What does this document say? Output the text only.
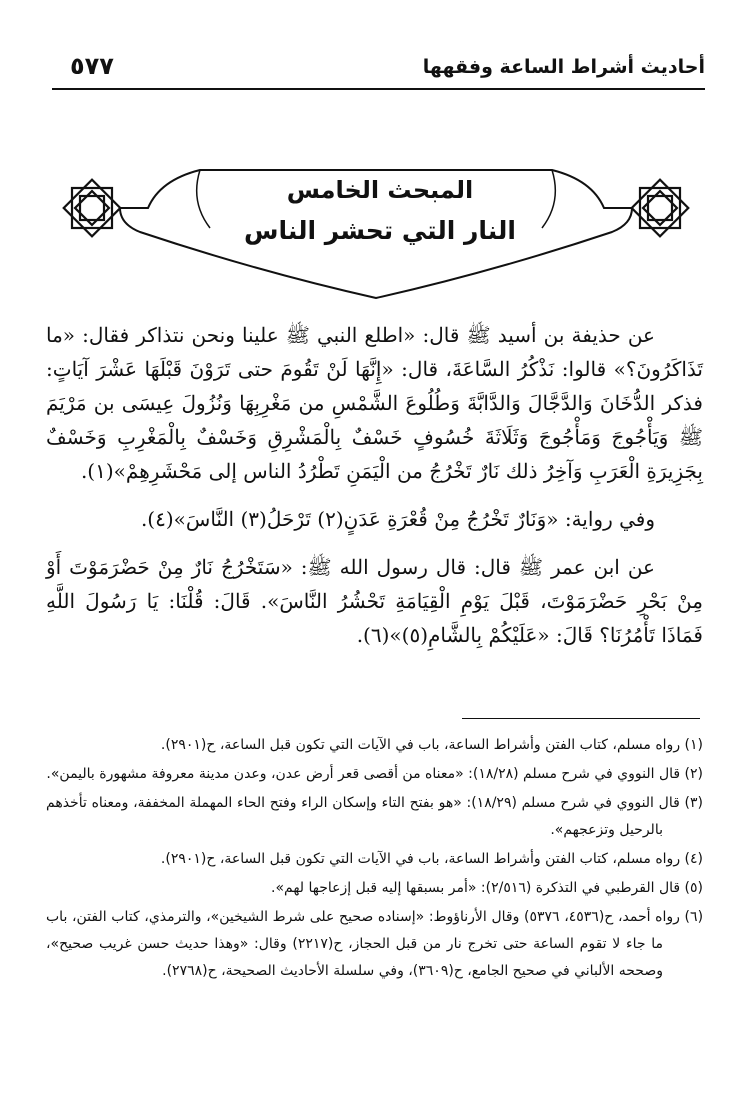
أحاديث أشراط الساعة وفقهها
٥٧٧
المبحث الخامس
النار التي تحشر الناس

عن حذيفة بن أسيد ﷺ قال: «اطلع النبي ﷺ علينا ونحن نتذاكر فقال: «ما تَذَاكَرُونَ؟» قالوا: نَذْكُرُ السَّاعَةَ، قال: «إِنَّهَا لَنْ تَقُومَ حتى تَرَوْنَ قَبْلَهَا عَشْرَ آيَاتٍ: فذكر الدُّخَانَ وَالدَّجَّالَ وَالدَّابَّةَ وَطُلُوعَ الشَّمْسِ من مَغْرِبِهَا وَنُزُولَ عِيسَى بن مَرْيَمَ ﷺ وَيَأْجُوجَ وَمَأْجُوجَ وَثَلَاثَةَ خُسُوفٍ خَسْفٌ بِالْمَشْرِقِ وَخَسْفٌ بِالْمَغْرِبِ وَخَسْفٌ بِجَزِيرَةِ الْعَرَبِ وَآخِرُ ذلك نَارٌ تَخْرُجُ من الْيَمَنِ تَطْرُدُ الناس إلى مَحْشَرِهِمْ»(١).

وفي رواية: «وَنَارٌ تَخْرُجُ مِنْ قُعْرَةِ عَدَنٍ(٢) تَرْحَلُ(٣) النَّاسَ»(٤).

عن ابن عمر ﷺ قال: قال رسول الله ﷺ: «سَتَخْرُجُ نَارٌ مِنْ حَضْرَمَوْتَ أَوْ مِنْ بَحْرِ حَضْرَمَوْتَ، قَبْلَ يَوْمِ الْقِيَامَةِ تَحْشُرُ النَّاسَ». قَالَ: قُلْنَا: يَا رَسُولَ اللَّهِ فَمَاذَا تَأْمُرُنَا؟ قَالَ: «عَلَيْكُمْ بِالشَّامِ(٥)»(٦).

(١) رواه مسلم، كتاب الفتن وأشراط الساعة، باب في الآيات التي تكون قبل الساعة، ح(٢٩٠١).
(٢) قال النووي في شرح مسلم (١٨/٢٨): «معناه من أقصى قعر أرض عدن، وعدن مدينة معروفة مشهورة باليمن».
(٣) قال النووي في شرح مسلم (١٨/٢٩): «هو بفتح التاء وإسكان الراء وفتح الحاء المهملة المخففة، ومعناه تأخذهم بالرحيل وتزعجهم».
(٤) رواه مسلم، كتاب الفتن وأشراط الساعة، باب في الآيات التي تكون قبل الساعة، ح(٢٩٠١).
(٥) قال القرطبي في التذكرة (٢/٥١٦): «أمر بسبقها إليه قبل إزعاجها لهم».
(٦) رواه أحمد، ح(٤٥٣٦، ٥٣٧٦) وقال الأرناؤوط: «إسناده صحيح على شرط الشيخين»، والترمذي، كتاب الفتن، باب ما جاء لا تقوم الساعة حتى تخرج نار من قبل الحجاز، ح(٢٢١٧) وقال: «وهذا حديث حسن غريب صحيح»، وصححه الألباني في صحيح الجامع، ح(٣٦٠٩)، وفي سلسلة الأحاديث الصحيحة، ح(٢٧٦٨).
